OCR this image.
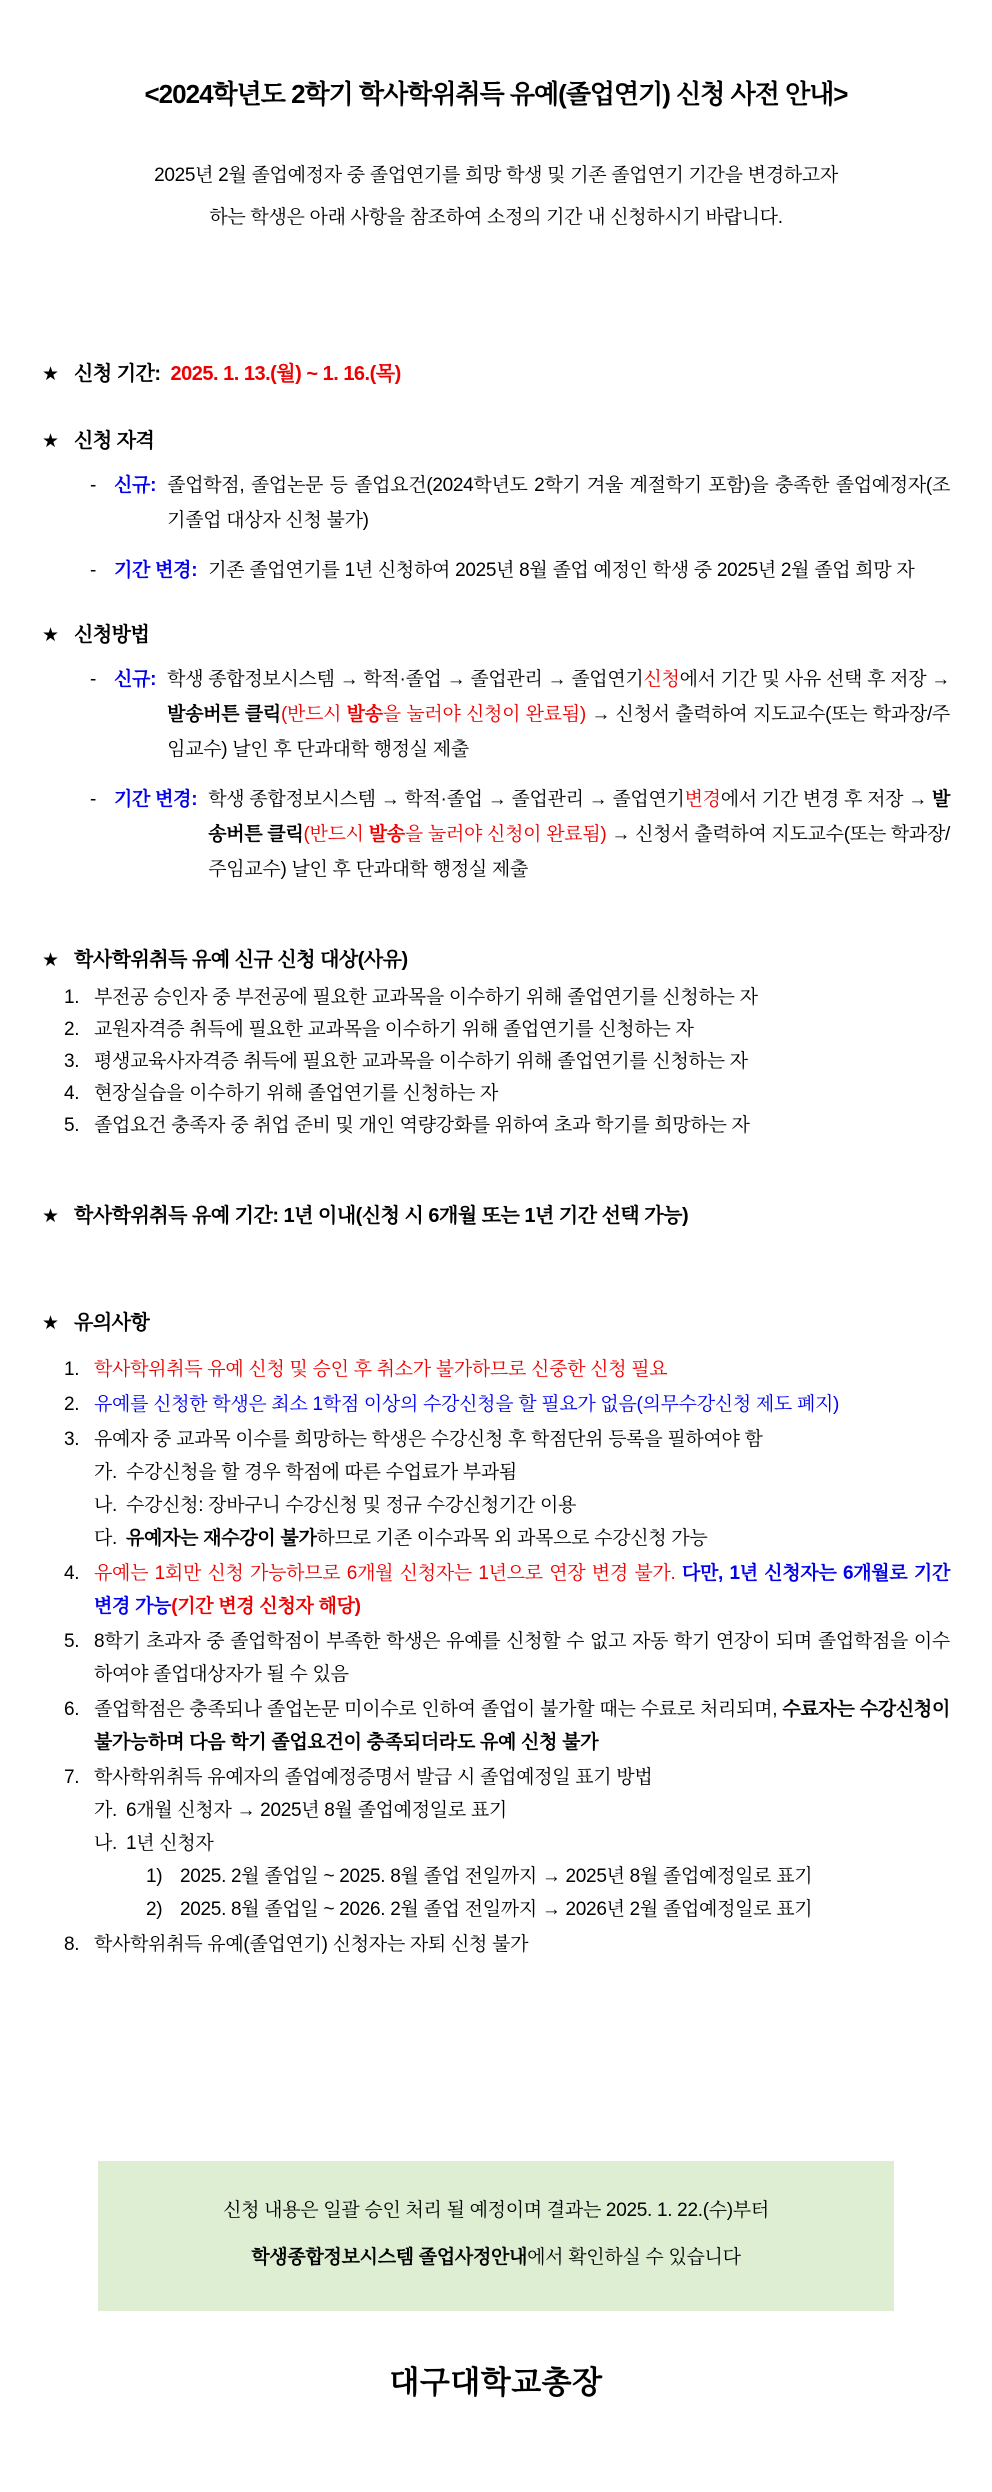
<2024학년도 2학기 학사학위취득 유예(졸업연기) 신청 사전 안내>
2025년 2월 졸업예정자 중 졸업연기를 희망 학생 및 기존 졸업연기 기간을 변경하고자
하는 학생은 아래 사항을 참조하여 소정의 기간 내 신청하시기 바랍니다.
★ 신청 기간: 2025. 1. 13.(월) ~ 1. 16.(목)
★ 신청 자격
- 신규: 졸업학점, 졸업논문 등 졸업요건(2024학년도 2학기 겨울 계절학기 포함)을 충족한 졸업예정자(조기졸업 대상자 신청 불가)
- 기간 변경: 기존 졸업연기를 1년 신청하여 2025년 8월 졸업 예정인 학생 중 2025년 2월 졸업 희망 자
★ 신청방법
- 신규: 학생 종합정보시스템 → 학적·졸업 → 졸업관리 → 졸업연기신청에서 기간 및 사유 선택 후 저장 → 발송버튼 클릭(반드시 발송을 눌러야 신청이 완료됨) → 신청서 출력하여 지도교수(또는 학과장/주임교수) 날인 후 단과대학 행정실 제출
- 기간 변경: 학생 종합정보시스템 → 학적·졸업 → 졸업관리 → 졸업연기변경에서 기간 변경 후 저장 → 발송버튼 클릭(반드시 발송을 눌러야 신청이 완료됨) → 신청서 출력하여 지도교수(또는 학과장/주임교수) 날인 후 단과대학 행정실 제출
★ 학사학위취득 유예 신규 신청 대상(사유)
1. 부전공 승인자 중 부전공에 필요한 교과목을 이수하기 위해 졸업연기를 신청하는 자
2. 교원자격증 취득에 필요한 교과목을 이수하기 위해 졸업연기를 신청하는 자
3. 평생교육사자격증 취득에 필요한 교과목을 이수하기 위해 졸업연기를 신청하는 자
4. 현장실습을 이수하기 위해 졸업연기를 신청하는 자
5. 졸업요건 충족자 중 취업 준비 및 개인 역량강화를 위하여 초과 학기를 희망하는 자
★ 학사학위취득 유예 기간: 1년 이내(신청 시 6개월 또는 1년 기간 선택 가능)
★ 유의사항
1. 학사학위취득 유예 신청 및 승인 후 취소가 불가하므로 신중한 신청 필요
2. 유예를 신청한 학생은 최소 1학점 이상의 수강신청을 할 필요가 없음(의무수강신청 제도 폐지)
3. 유예자 중 교과목 이수를 희망하는 학생은 수강신청 후 학점단위 등록을 필하여야 함
가. 수강신청을 할 경우 학점에 따른 수업료가 부과됨
나. 수강신청: 장바구니 수강신청 및 정규 수강신청기간 이용
다. 유예자는 재수강이 불가하므로 기존 이수과목 외 과목으로 수강신청 가능
4. 유예는 1회만 신청 가능하므로 6개월 신청자는 1년으로 연장 변경 불가. 다만, 1년 신청자는 6개월로 기간 변경 가능(기간 변경 신청자 해당)
5. 8학기 초과자 중 졸업학점이 부족한 학생은 유예를 신청할 수 없고 자동 학기 연장이 되며 졸업학점을 이수하여야 졸업대상자가 될 수 있음
6. 졸업학점은 충족되나 졸업논문 미이수로 인하여 졸업이 불가할 때는 수료로 처리되며, 수료자는 수강신청이 불가능하며 다음 학기 졸업요건이 충족되더라도 유예 신청 불가
7. 학사학위취득 유예자의 졸업예정증명서 발급 시 졸업예정일 표기 방법
가. 6개월 신청자 → 2025년 8월 졸업예정일로 표기
나. 1년 신청자
1) 2025. 2월 졸업일 ~ 2025. 8월 졸업 전일까지 → 2025년 8월 졸업예정일로 표기
2) 2025. 8월 졸업일 ~ 2026. 2월 졸업 전일까지 → 2026년 2월 졸업예정일로 표기
8. 학사학위취득 유예(졸업연기) 신청자는 자퇴 신청 불가
신청 내용은 일괄 승인 처리 될 예정이며 결과는 2025. 1. 22.(수)부터
학생종합정보시스템 졸업사정안내에서 확인하실 수 있습니다
대구대학교총장
